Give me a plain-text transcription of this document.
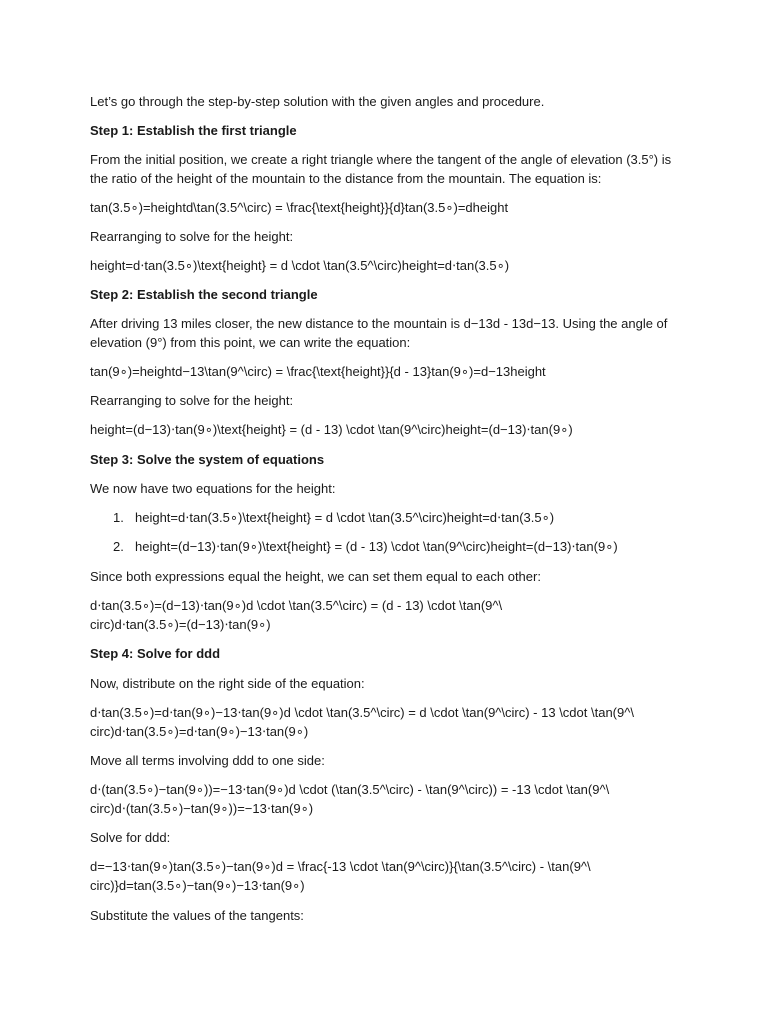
Let’s go through the step-by-step solution with the given angles and procedure.

Step 1: Establish the first triangle

From the initial position, we create a right triangle where the tangent of the angle of elevation (3.5°) is

the ratio of the height of the mountain to the distance from the mountain. The equation is:

tan(3.5∘)=heightd\tan(3.5^\circ) = \frac{\text{height}}{d}tan(3.5∘)=dheight

Rearranging to solve for the height:

height=d⋅tan(3.5∘)\text{height} = d \cdot \tan(3.5^\circ)height=d⋅tan(3.5∘)

Step 2: Establish the second triangle

After driving 13 miles closer, the new distance to the mountain is d−13d - 13d−13. Using the angle of

elevation (9°) from this point, we can write the equation:

tan(9∘)=heightd−13\tan(9^\circ) = \frac{\text{height}}{d - 13}tan(9∘)=d−13height

Rearranging to solve for the height:

height=(d−13)⋅tan(9∘)\text{height} = (d - 13) \cdot \tan(9^\circ)height=(d−13)⋅tan(9∘)

Step 3: Solve the system of equations

We now have two equations for the height:

1. height=d⋅tan(3.5∘)\text{height} = d \cdot \tan(3.5^\circ)height=d⋅tan(3.5∘)
2. height=(d−13)⋅tan(9∘)\text{height} = (d - 13) \cdot \tan(9^\circ)height=(d−13)⋅tan(9∘)

Since both expressions equal the height, we can set them equal to each other:

d⋅tan(3.5∘)=(d−13)⋅tan(9∘)d \cdot \tan(3.5^\circ) = (d - 13) \cdot \tan(9^\

circ)d⋅tan(3.5∘)=(d−13)⋅tan(9∘)

Step 4: Solve for ddd

Now, distribute on the right side of the equation:

d⋅tan(3.5∘)=d⋅tan(9∘)−13⋅tan(9∘)d \cdot \tan(3.5^\circ) = d \cdot \tan(9^\circ) - 13 \cdot \tan(9^\

circ)d⋅tan(3.5∘)=d⋅tan(9∘)−13⋅tan(9∘)

Move all terms involving ddd to one side:

d⋅(tan(3.5∘)−tan(9∘))=−13⋅tan(9∘)d \cdot (\tan(3.5^\circ) - \tan(9^\circ)) = -13 \cdot \tan(9^\

circ)d⋅(tan(3.5∘)−tan(9∘))=−13⋅tan(9∘)

Solve for ddd:

d=−13⋅tan(9∘)tan(3.5∘)−tan(9∘)d = \frac{-13 \cdot \tan(9^\circ)}{\tan(3.5^\circ) - \tan(9^\

circ)}d=tan(3.5∘)−tan(9∘)−13⋅tan(9∘)

Substitute the values of the tangents:
